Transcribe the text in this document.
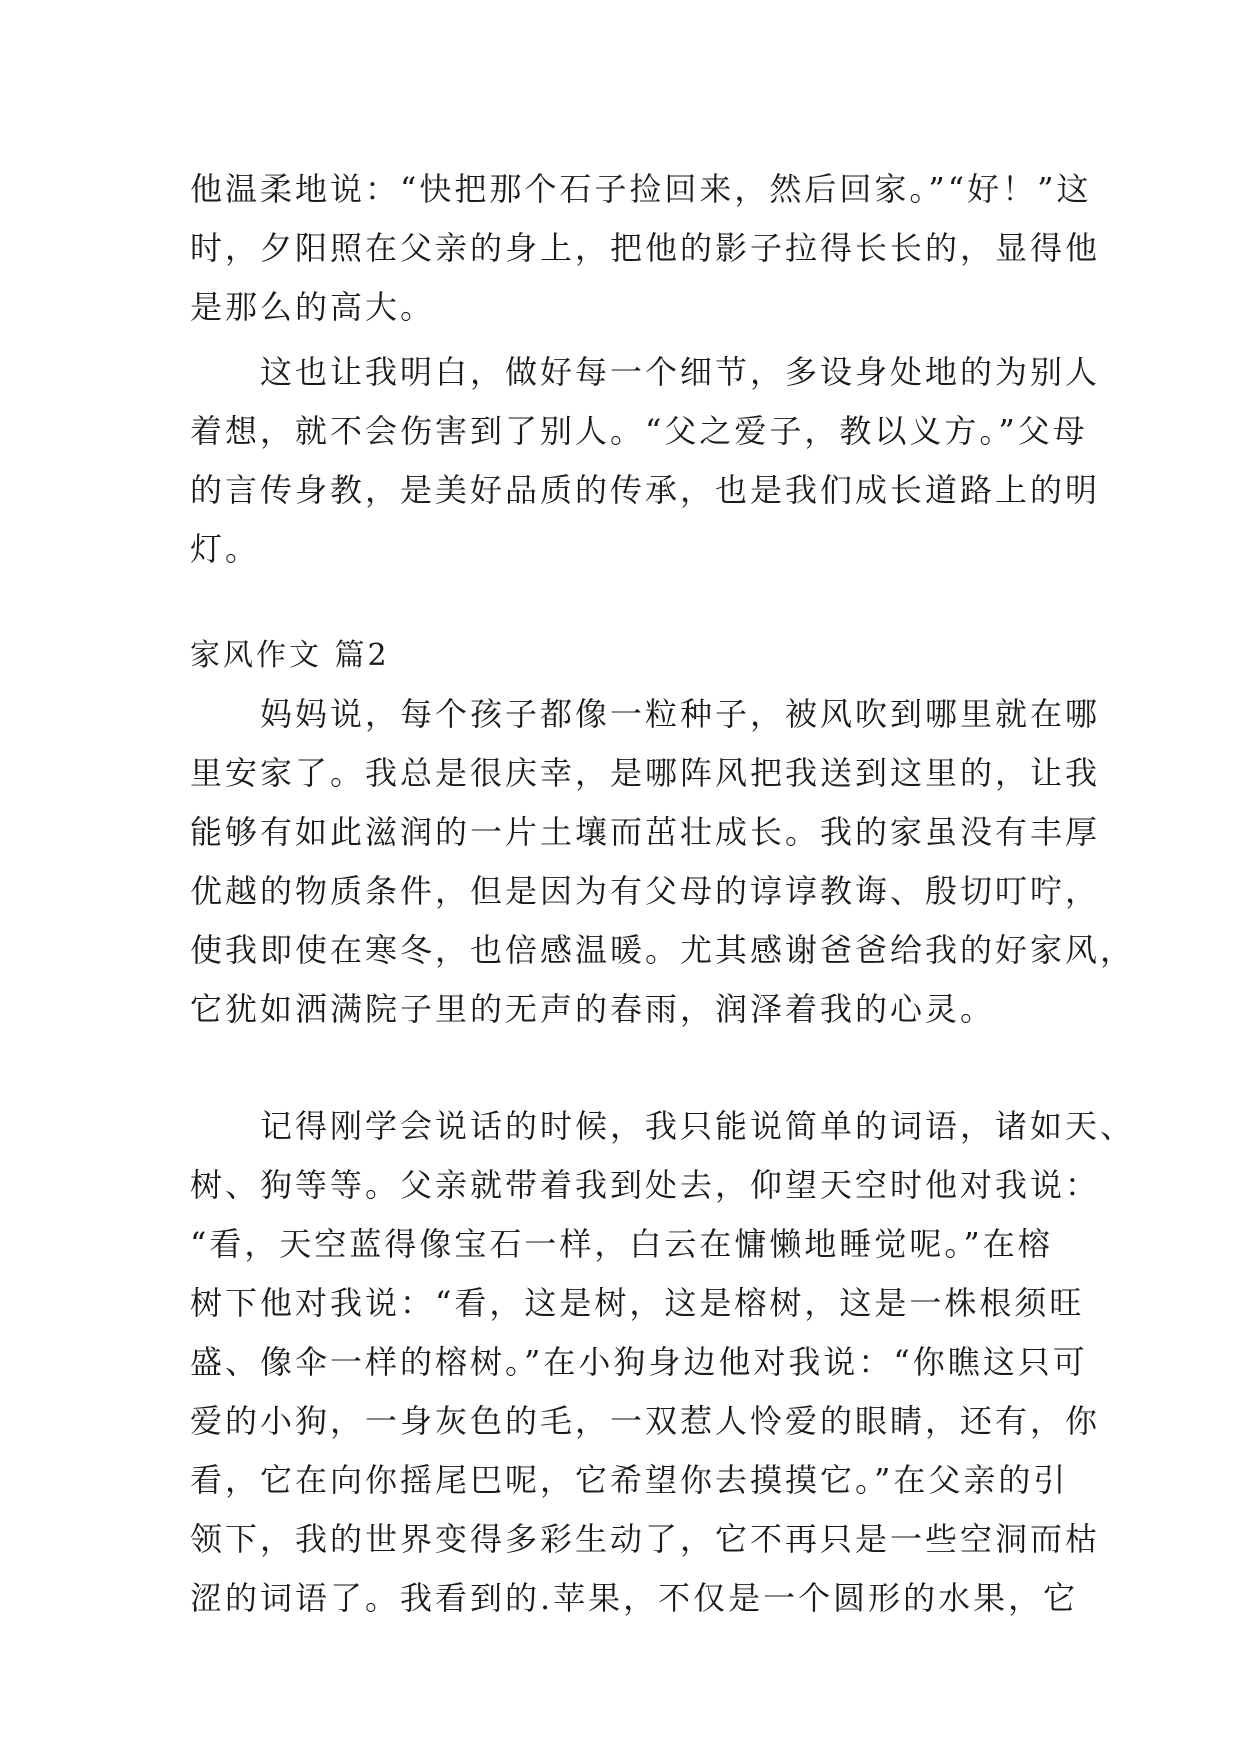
他温柔地说：“快把那个石子捡回来，然后回家。”“好！”这
时，夕阳照在父亲的身上，把他的影子拉得长长的，显得他
是那么的高大。
这也让我明白，做好每一个细节，多设身处地的为别人
着想，就不会伤害到了别人。“父之爱子，教以义方。”父母
的言传身教，是美好品质的传承，也是我们成长道路上的明
灯。
家风作文 篇2
妈妈说，每个孩子都像一粒种子，被风吹到哪里就在哪
里安家了。我总是很庆幸，是哪阵风把我送到这里的，让我
能够有如此滋润的一片土壤而茁壮成长。我的家虽没有丰厚
优越的物质条件，但是因为有父母的谆谆教诲、殷切叮咛，
使我即使在寒冬，也倍感温暖。尤其感谢爸爸给我的好家风，
它犹如洒满院子里的无声的春雨，润泽着我的心灵。
记得刚学会说话的时候，我只能说简单的词语，诸如天、
树、狗等等。父亲就带着我到处去，仰望天空时他对我说：
“看，天空蓝得像宝石一样，白云在慵懒地睡觉呢。”在榕
树下他对我说：“看，这是树，这是榕树，这是一株根须旺
盛、像伞一样的榕树。”在小狗身边他对我说：“你瞧这只可
爱的小狗，一身灰色的毛，一双惹人怜爱的眼睛，还有，你
看，它在向你摇尾巴呢，它希望你去摸摸它。”在父亲的引
领下，我的世界变得多彩生动了，它不再只是一些空洞而枯
涩的词语了。我看到的.苹果，不仅是一个圆形的水果，它
